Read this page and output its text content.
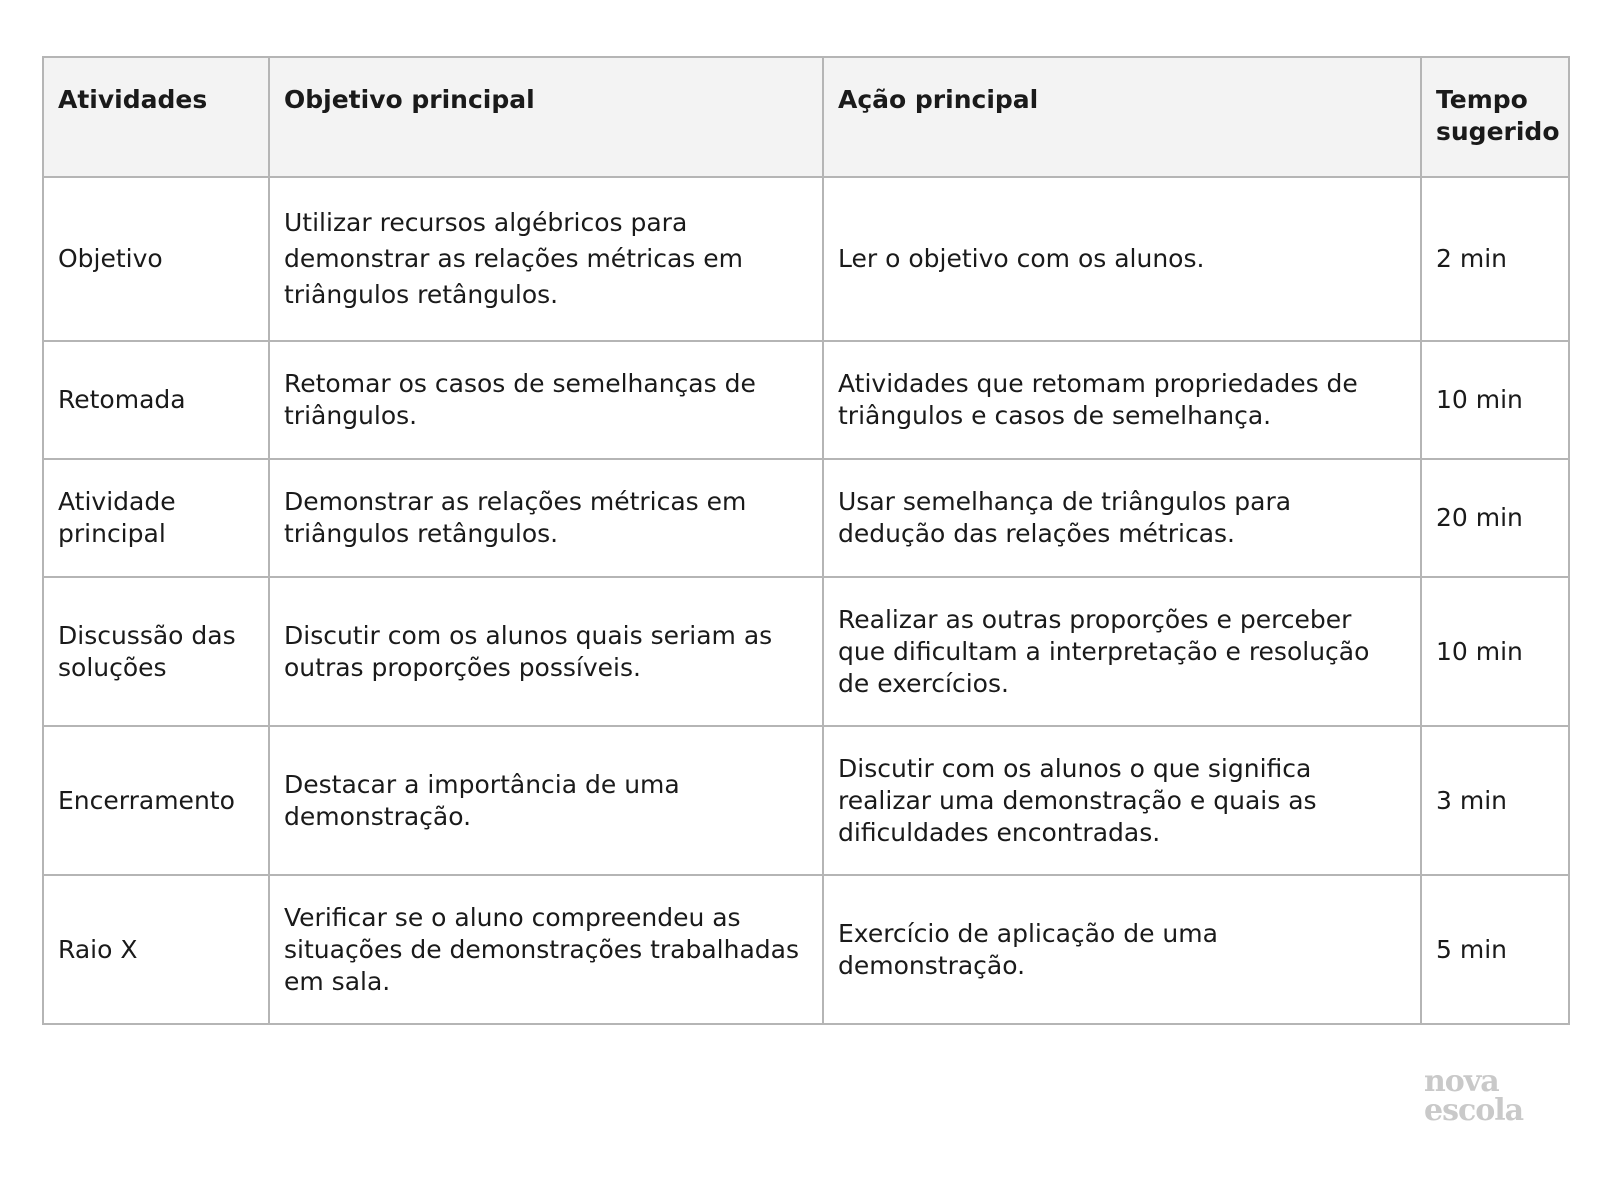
Atividades	Objetivo principal	Ação principal	Tempo sugerido
Objetivo	Utilizar recursos algébricos para demonstrar as relações métricas em triângulos retângulos.	Ler o objetivo com os alunos.	2 min
Retomada	Retomar os casos de semelhanças de triângulos.	Atividades que retomam propriedades de triângulos e casos de semelhança.	10 min
Atividade principal	Demonstrar as relações métricas em triângulos retângulos.	Usar semelhança de triângulos para dedução das relações métricas.	20 min
Discussão das soluções	Discutir com os alunos quais seriam as outras proporções possíveis.	Realizar as outras proporções e perceber que dificultam a interpretação e resolução de exercícios.	10 min
Encerramento	Destacar a importância de uma demonstração.	Discutir com os alunos o que significa realizar uma demonstração e quais as dificuldades encontradas.	3 min
Raio X	Verificar se o aluno compreendeu as situações de demonstrações trabalhadas em sala.	Exercício de aplicação de uma demonstração.	5 min
nova
escola
